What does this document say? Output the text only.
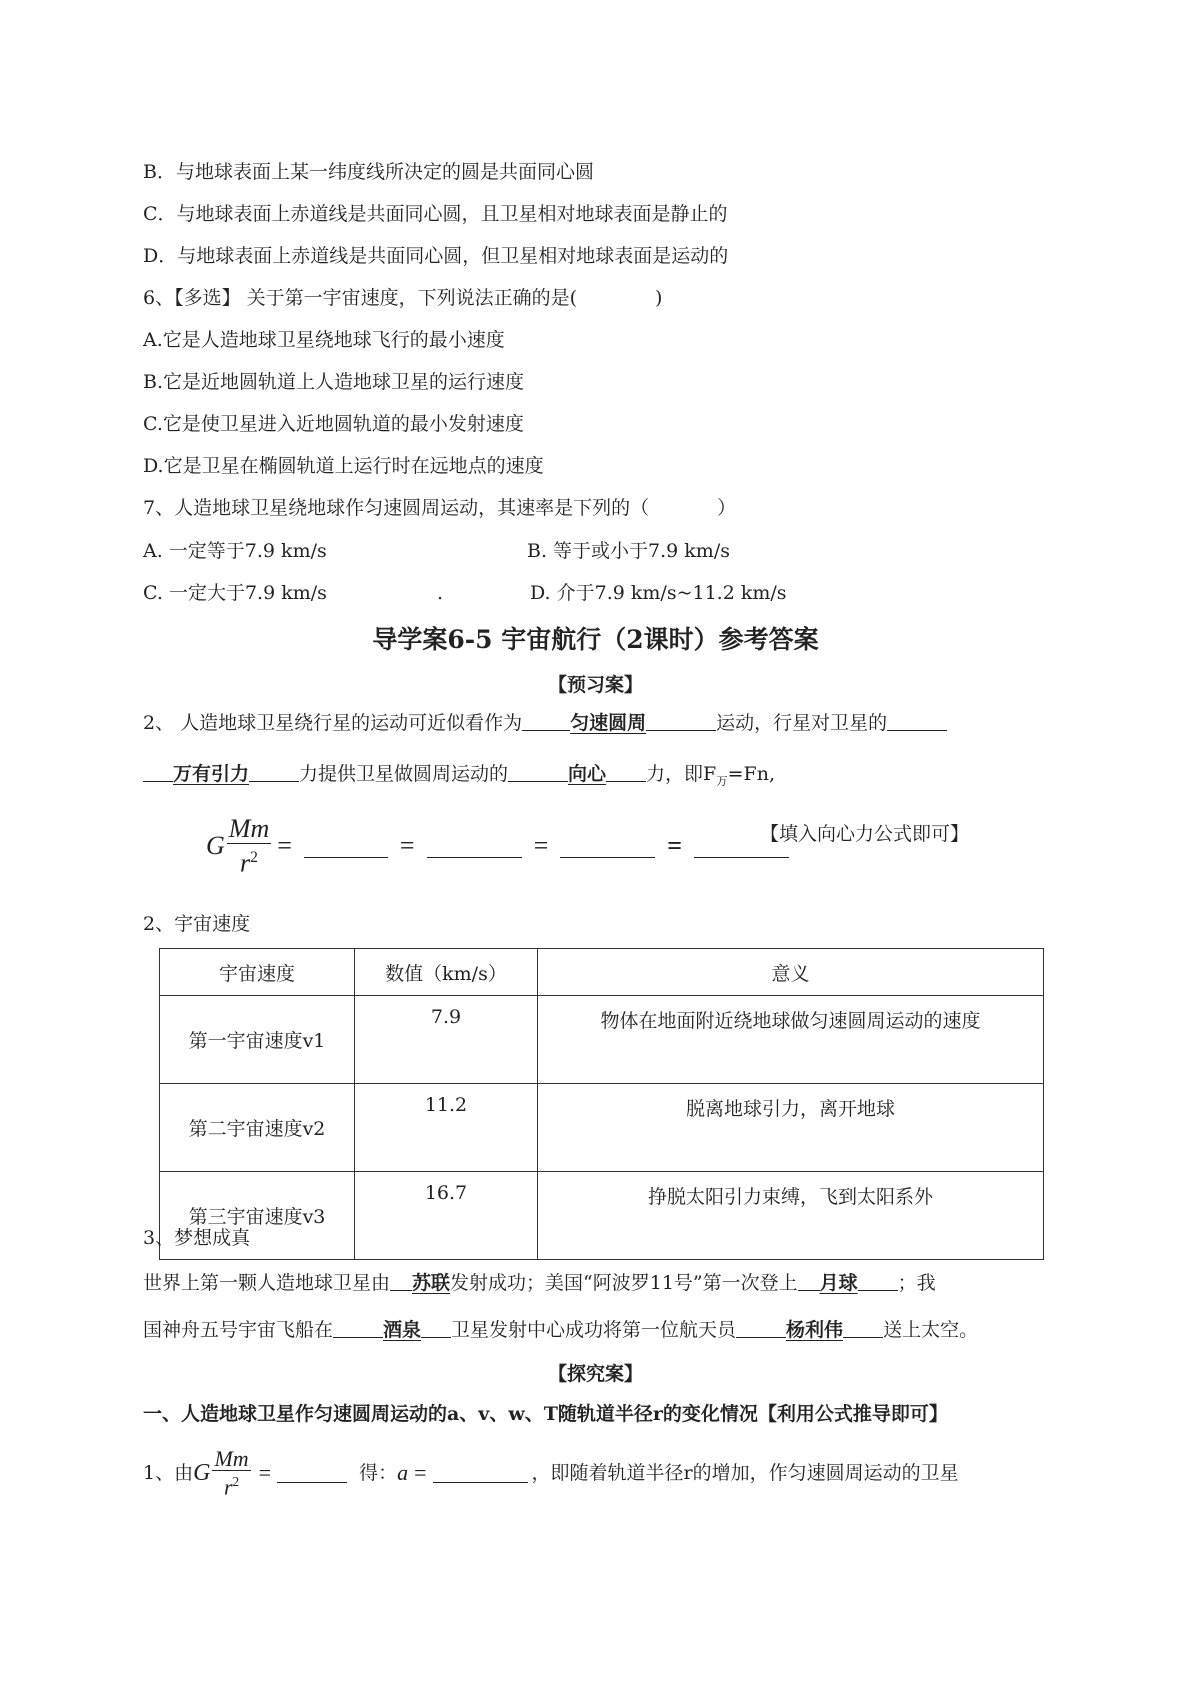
B．与地球表面上某一纬度线所决定的圆是共面同心圆
C．与地球表面上赤道线是共面同心圆，且卫星相对地球表面是静止的
D．与地球表面上赤道线是共面同心圆，但卫星相对地球表面是运动的
6、【多选】 关于第一宇宙速度，下列说法正确的是(	)
A.它是人造地球卫星绕地球飞行的最小速度
B.它是近地圆轨道上人造地球卫星的运行速度
C.它是使卫星进入近地圆轨道的最小发射速度
D.它是卫星在椭圆轨道上运行时在远地点的速度
7、人造地球卫星绕地球作匀速圆周运动，其速率是下列的（	）
A. 一定等于7.9 km/s	B. 等于或小于7.9 km/s
C. 一定大于7.9 km/s	.	D. 介于7.9 km/s~11.2 km/s
导学案6-5 宇宙航行（2课时）参考答案
【预习案】
2、 人造地球卫星绕行星的运动可近似看作为	匀速圆周	运动，行星对卫星的
万有引力	力提供卫星做圆周运动的	向心 力，即$F_万=Fn$,
G $\frac{Mm}{r^2}$ =	=	=	=	【填入向心力公式即可】
2、宇宙速度
宇宙速度	数值（km/s）	意义
第一宇宙速度v1	7.9	物体在地面附近绕地球做匀速圆周运动的速度
第二宇宙速度v2	11.2	脱离地球引力，离开地球
第三宇宙速度v3	16.7	挣脱太阳引力束缚，飞到太阳系外
3、梦想成真
世界上第一颗人造地球卫星由 苏联发射成功；美国“阿波罗11号”第一次登上 月球 ；我
国神舟五号宇宙飞船在	酒泉 卫星发射中心成功将第一位航天员	杨利伟 送上太空。
【探究案】
一、人造地球卫星作匀速圆周运动的a、v、w、T随轨道半径r的变化情况【利用公式推导即可】
1、由 G $\frac{Mm}{r^2}$ =	得： a =	，即随着轨道半径r的增加，作匀速圆周运动的卫星
